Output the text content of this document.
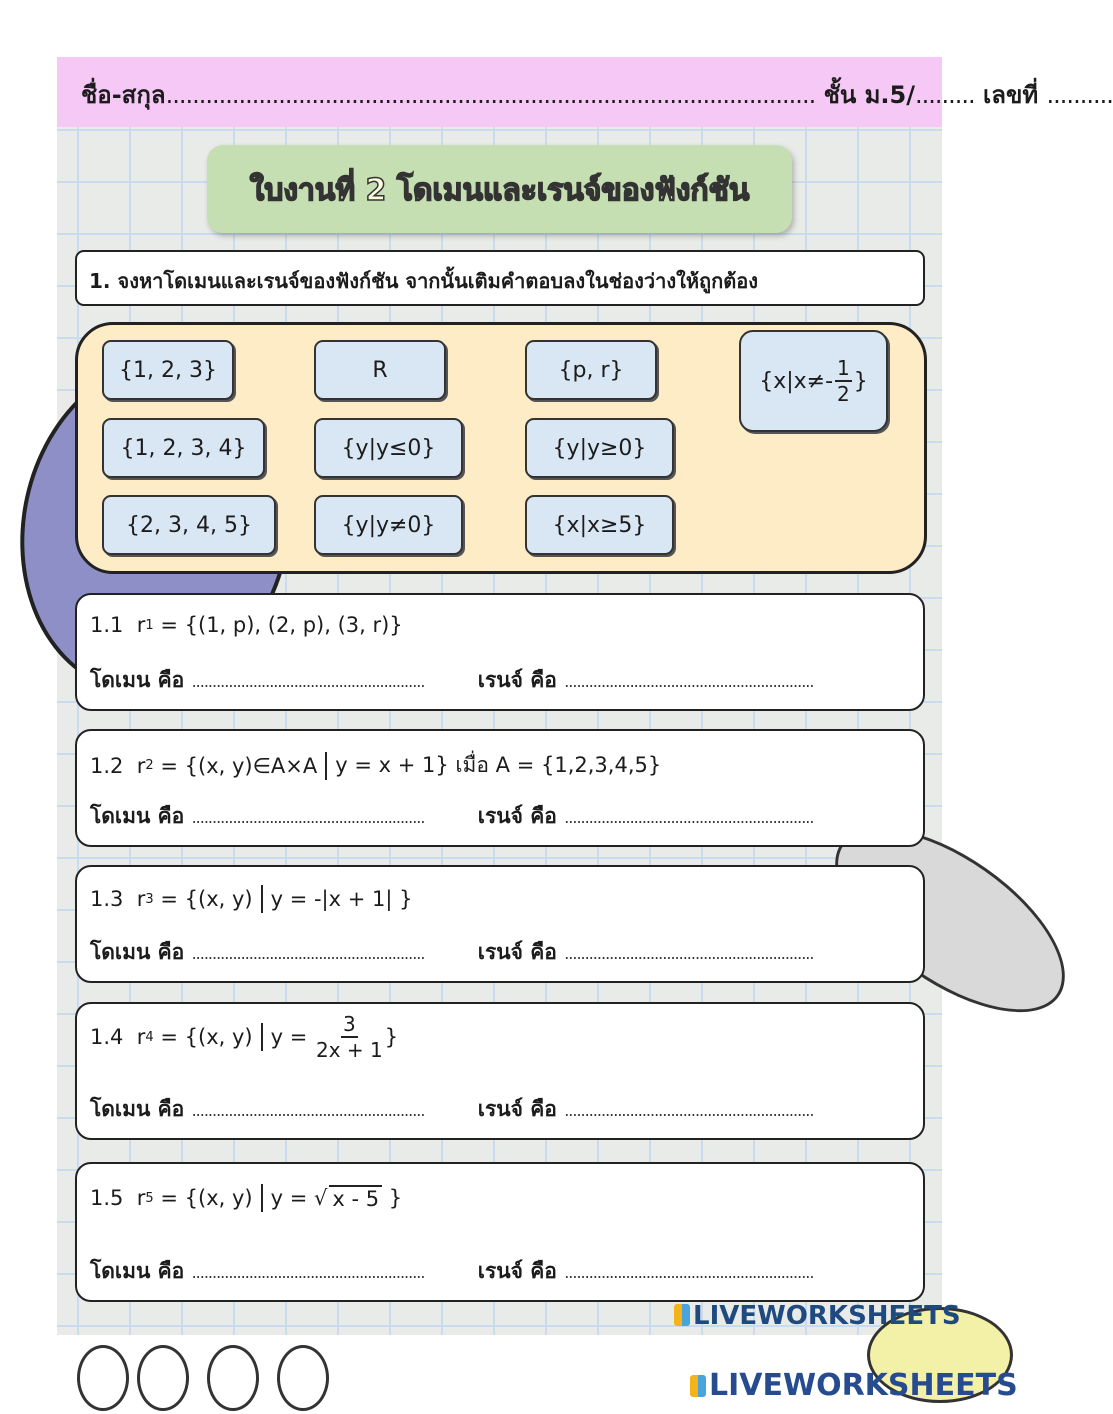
ชื่อ-สกุล.................................................................................................. ชั้น ม.5/......... เลขที่ ..........
ใบงานที่ 2 โดเมนและเรนจ์ของฟังก์ชัน
1. จงหาโดเมนและเรนจ์ของฟังก์ชัน จากนั้นเติมคำตอบลงในช่องว่างให้ถูกต้อง
{1, 2, 3}	R	{p, r}	{$x|x\ne- \frac{1}{2}$ }
{1, 2, 3, 4}	{y|y≤0}	{y|y≥0}
{2, 3, 4, 5}	{y|y≠0}	{x|x≥5}
1.1
r 1
= {(1, p), (2, p), (3, r)}
โดเมน คือ .........................................................	เรนจ์ คือ .............................................................
1.2
r 2
= {(x, y)∈A×A y = x + 1} เมื่อ A = {1,2,3,4,5}
โดเมน คือ .........................................................	เรนจ์ คือ .............................................................
1.3
r 3
= {(x, y) y = -|x + 1| }
โดเมน คือ .........................................................	เรนจ์ คือ .............................................................
1.4
r 4
= {(x, y) y =
$\frac{3}{2x + 1}$ }
โดเมน คือ .........................................................	เรนจ์ คือ .............................................................
1.5
r 5
= {(x, y) y = √ x - 5
}
โดเมน คือ .........................................................	เรนจ์ คือ .............................................................
LIVEWORKSHEETS
LIVEWORKSHEETS
